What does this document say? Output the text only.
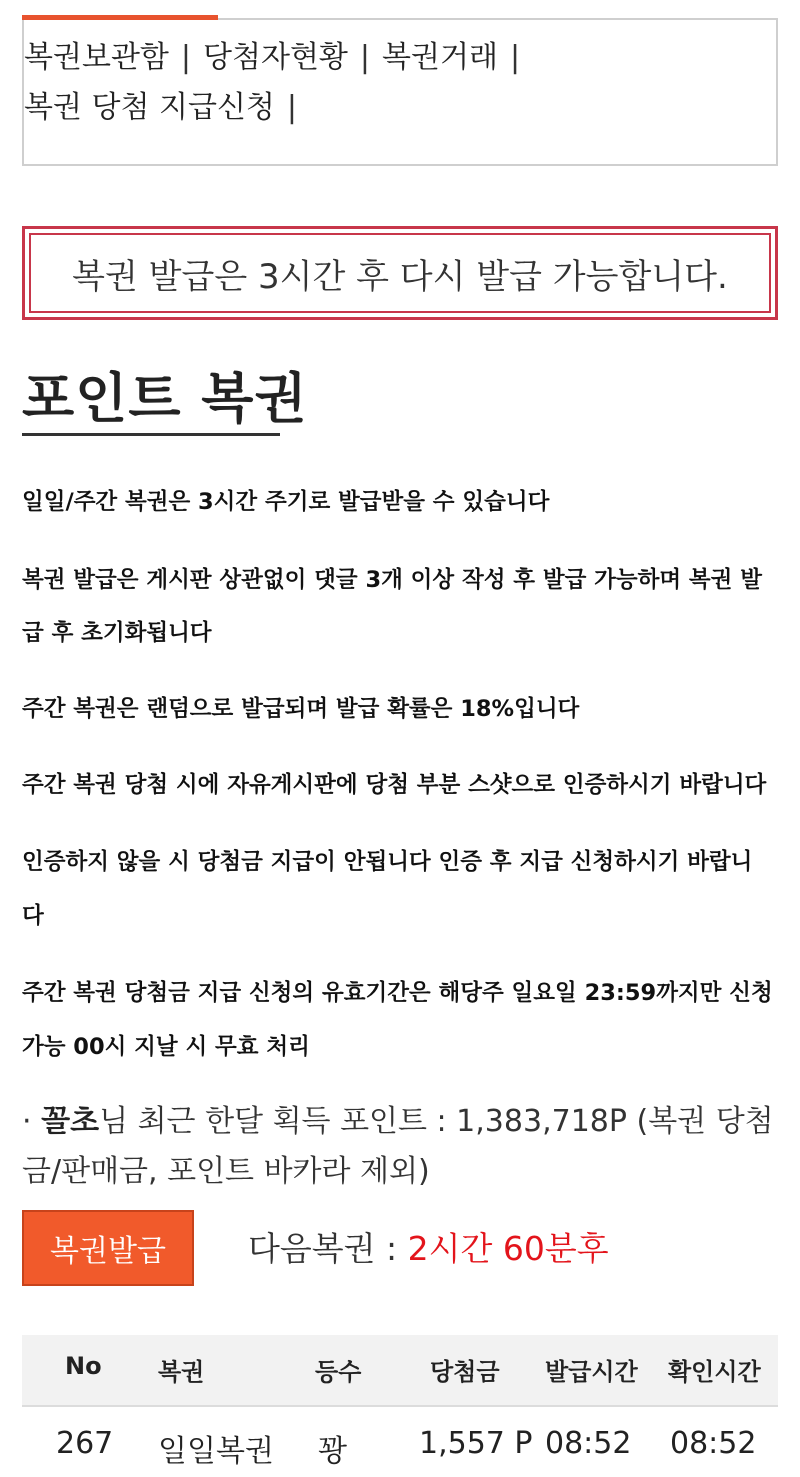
복권보관함 | 당첨자현황 | 복권거래 |
복권 당첨 지급신청 |
복권 발급은 3시간 후 다시 발급 가능합니다.
포인트 복권
일일/주간 복권은 3시간 주기로 발급받을 수 있습니다
복권 발급은 게시판 상관없이 댓글 3개 이상 작성 후 발급 가능하며 복권 발
급 후 초기화됩니다
주간 복권은 랜덤으로 발급되며 발급 확률은 18%입니다
주간 복권 당첨 시에 자유게시판에 당첨 부분 스샷으로 인증하시기 바랍니다
인증하지 않을 시 당첨금 지급이 안됩니다 인증 후 지급 신청하시기 바랍니
다
주간 복권 당첨금 지급 신청의 유효기간은 해당주 일요일 23:59까지만 신청
가능 00시 지날 시 무효 처리
· 꼴초님 최근 한달 획득 포인트 : 1,383,718P (복권 당첨
금/판매금, 포인트 바카라 제외)
복권발급	다음복권 : 2시간 60분후
No 복권	등수	당첨금 발급시간 확인시간
267 일일복권 꽝 1,557 P 08:52 08:52
